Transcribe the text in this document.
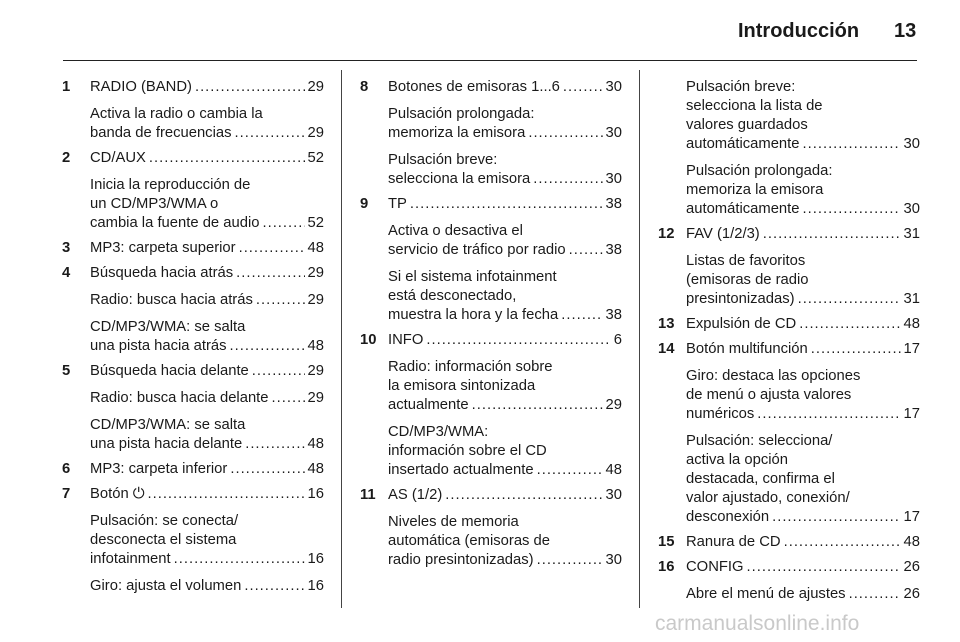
Introducción 13
1 RADIO (BAND) .....	29
Activa la radio o cambia la
banda de frecuencias .....	29
2 CD/AUX .....	52
Inicia la reproducción de
un CD/MP3/WMA o
cambia la fuente de audio .....	52
3 MP3: carpeta superior .....	48
4 Búsqueda hacia atrás .....	29
Radio: busca hacia atrás .....	29
CD/MP3/WMA: se salta
una pista hacia atrás .....	48
5 Búsqueda hacia delante .....	29
Radio: busca hacia delante .....	29
CD/MP3/WMA: se salta
una pista hacia delante .....	48
6 MP3: carpeta inferior .....	48
7 Botón ⏻ .....	16
Pulsación: se conecta/
desconecta el sistema
infotainment .....	16
Giro: ajusta el volumen .....	16
8 Botones de emisoras 1...6 .....	30
Pulsación prolongada:
memoriza la emisora .....	30
Pulsación breve:
selecciona la emisora .....	30
9 TP .....	38
Activa o desactiva el
servicio de tráfico por radio .....	38
Si el sistema infotainment
está desconectado,
muestra la hora y la fecha .....	38
10 INFO .....	6
Radio: información sobre
la emisora sintonizada
actualmente .....	29
CD/MP3/WMA:
información sobre el CD
insertado actualmente .....	48
11 AS (1/2) .....	30
Niveles de memoria
automática (emisoras de
radio presintonizadas) .....	30
Pulsación breve:
selecciona la lista de
valores guardados
automáticamente .....	30
Pulsación prolongada:
memoriza la emisora
automáticamente .....	30
12 FAV (1/2/3) .....	31
Listas de favoritos
(emisoras de radio
presintonizadas) .....	31
13 Expulsión de CD .....	48
14 Botón multifunción .....	17
Giro: destaca las opciones
de menú o ajusta valores
numéricos .....	17
Pulsación: selecciona/
activa la opción
destacada, confirma el
valor ajustado, conexión/
desconexión .....	17
15 Ranura de CD .....	48
16 CONFIG .....	26
Abre el menú de ajustes .....	26
carmanualsonline.info
